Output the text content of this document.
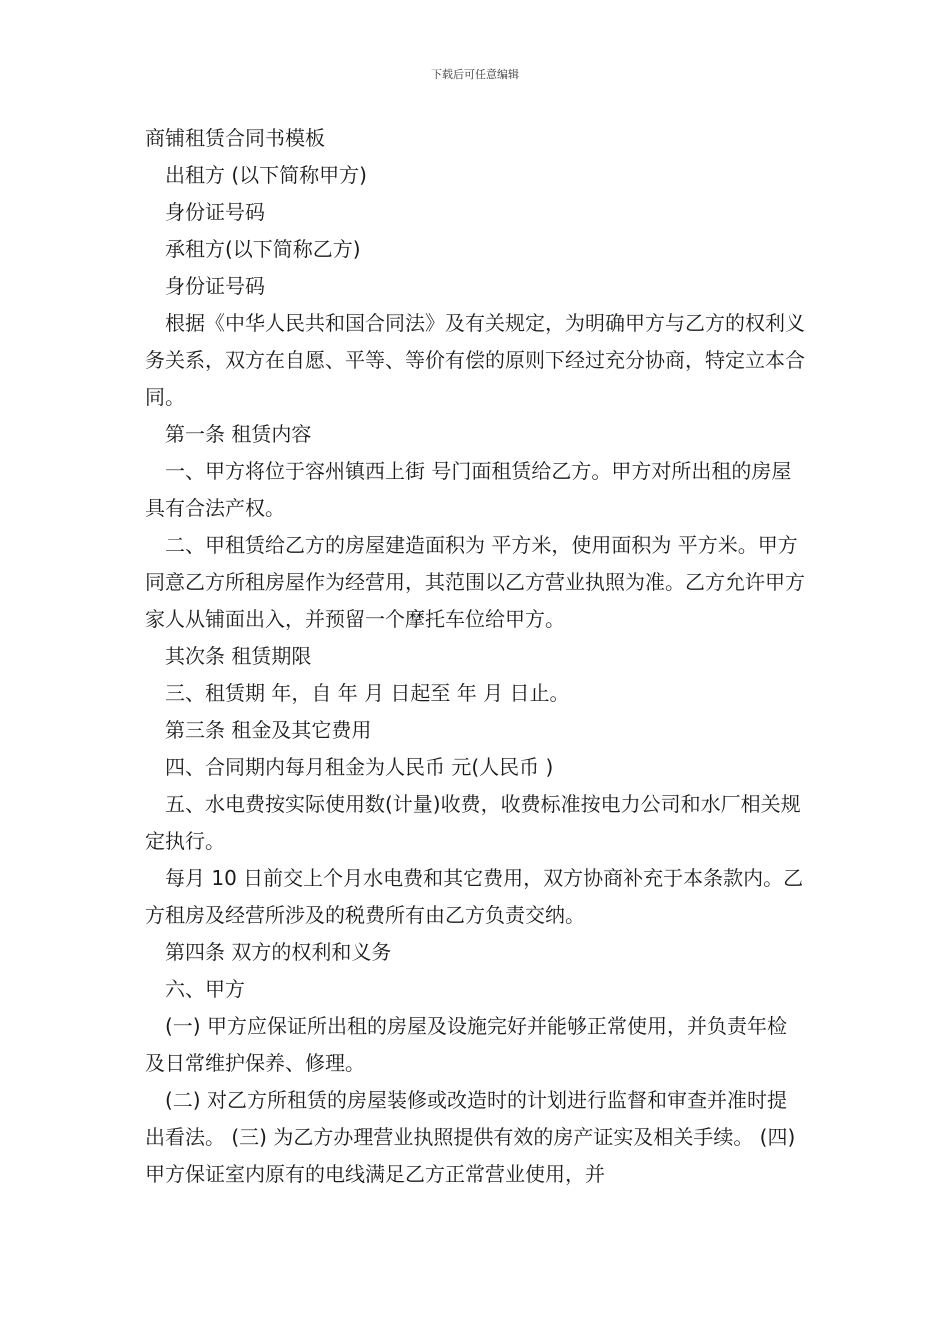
下载后可任意编辑

商铺租赁合同书模板

出租方 (以下简称甲方)

身份证号码

承租方(以下简称乙方)

身份证号码

根据《中华人民共和国合同法》及有关规定，为明确甲方与乙方的权利义务关系，双方在自愿、平等、等价有偿的原则下经过充分协商，特定立本合同。

第一条 租赁内容

一、甲方将位于容州镇西上街 号门面租赁给乙方。甲方对所出租的房屋具有合法产权。

二、甲租赁给乙方的房屋建造面积为 平方米，使用面积为 平方米。甲方同意乙方所租房屋作为经营用，其范围以乙方营业执照为准。乙方允许甲方家人从铺面出入，并预留一个摩托车位给甲方。

其次条 租赁期限

三、租赁期 年，自 年 月 日起至 年 月 日止。

第三条 租金及其它费用

四、合同期内每月租金为人民币 元(人民币 )

五、水电费按实际使用数(计量)收费，收费标准按电力公司和水厂相关规定执行。

每月 10 日前交上个月水电费和其它费用，双方协商补充于本条款内。乙方租房及经营所涉及的税费所有由乙方负责交纳。

第四条 双方的权利和义务

六、甲方

(一) 甲方应保证所出租的房屋及设施完好并能够正常使用，并负责年检及日常维护保养、修理。

(二) 对乙方所租赁的房屋装修或改造时的计划进行监督和审查并准时提出看法。 (三) 为乙方办理营业执照提供有效的房产证实及相关手续。 (四) 甲方保证室内原有的电线满足乙方正常营业使用，并
